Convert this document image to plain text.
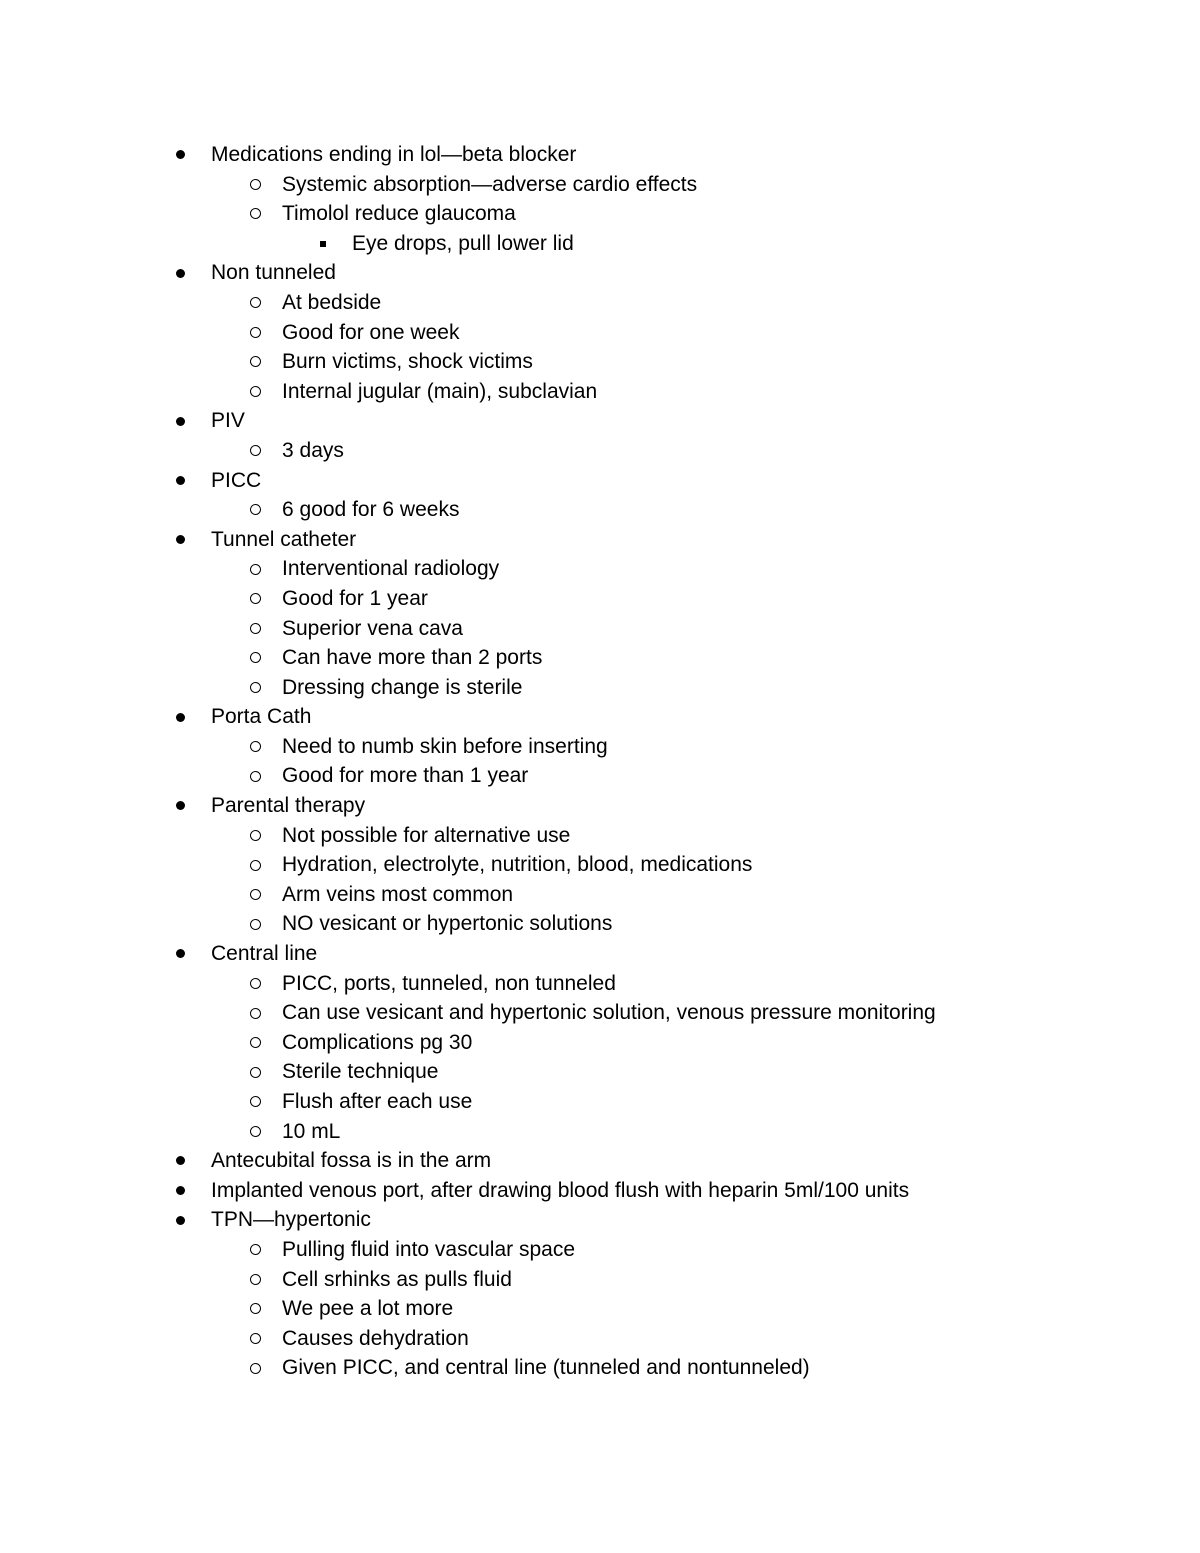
Medications ending in lol—beta blocker
Systemic absorption—adverse cardio effects
Timolol reduce glaucoma
Eye drops, pull lower lid
Non tunneled
At bedside
Good for one week
Burn victims, shock victims
Internal jugular (main), subclavian
PIV
3 days
PICC
6 good for 6 weeks
Tunnel catheter
Interventional radiology
Good for 1 year
Superior vena cava
Can have more than 2 ports
Dressing change is sterile
Porta Cath
Need to numb skin before inserting
Good for more than 1 year
Parental therapy
Not possible for alternative use
Hydration, electrolyte, nutrition, blood, medications
Arm veins most common
NO vesicant or hypertonic solutions
Central line
PICC, ports, tunneled, non tunneled
Can use vesicant and hypertonic solution, venous pressure monitoring
Complications pg 30
Sterile technique
Flush after each use
10 mL
Antecubital fossa is in the arm
Implanted venous port, after drawing blood flush with heparin 5ml/100 units
TPN—hypertonic
Pulling fluid into vascular space
Cell srhinks as pulls fluid
We pee a lot more
Causes dehydration
Given PICC, and central line (tunneled and nontunneled)
